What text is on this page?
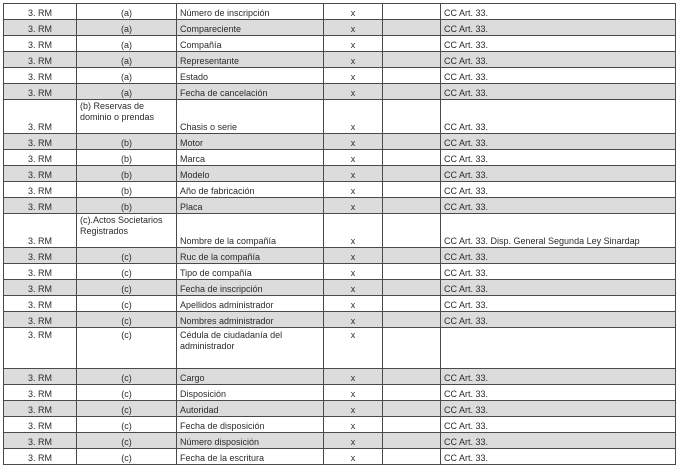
3. RM	(a)	Número de inscripción	x		CC Art. 33.
3. RM	(a)	Compareciente	x		CC Art. 33.
3. RM	(a)	Compañía	x		CC Art. 33.
3. RM	(a)	Representante	x		CC Art. 33.
3. RM	(a)	Estado	x		CC Art. 33.
3. RM	(a)	Fecha de cancelación	x		CC Art. 33.
3. RM	(b) Reservas de dominio o prendas	Chasis o serie	x		CC Art. 33.
3. RM	(b)	Motor	x		CC Art. 33.
3. RM	(b)	Marca	x		CC Art. 33.
3. RM	(b)	Modelo	x		CC Art. 33.
3. RM	(b)	Año de fabricación	x		CC Art. 33.
3. RM	(b)	Placa	x		CC Art. 33.
3. RM	(c).Actos Societarios Registrados	Nombre de la compañía	x		CC Art. 33. Disp. General Segunda Ley Sinardap
3. RM	(c)	Ruc de la compañía	x		CC Art. 33.
3. RM	(c)	Tipo de compañía	x		CC Art. 33.
3. RM	(c)	Fecha de inscripción	x		CC Art. 33.
3. RM	(c)	Apellidos administrador	x		CC Art. 33.
3. RM	(c)	Nombres administrador	x		CC Art. 33.
3. RM	(c)	Cédula de ciudadanía del administrador	x		
3. RM	(c)	Cargo	x		CC Art. 33.
3. RM	(c)	Disposición	x		CC Art. 33.
3. RM	(c)	Autoridad	x		CC Art. 33.
3. RM	(c)	Fecha de disposición	x		CC Art. 33.
3. RM	(c)	Número disposición	x		CC Art. 33.
3. RM	(c)	Fecha de la escritura	x		CC Art. 33.
